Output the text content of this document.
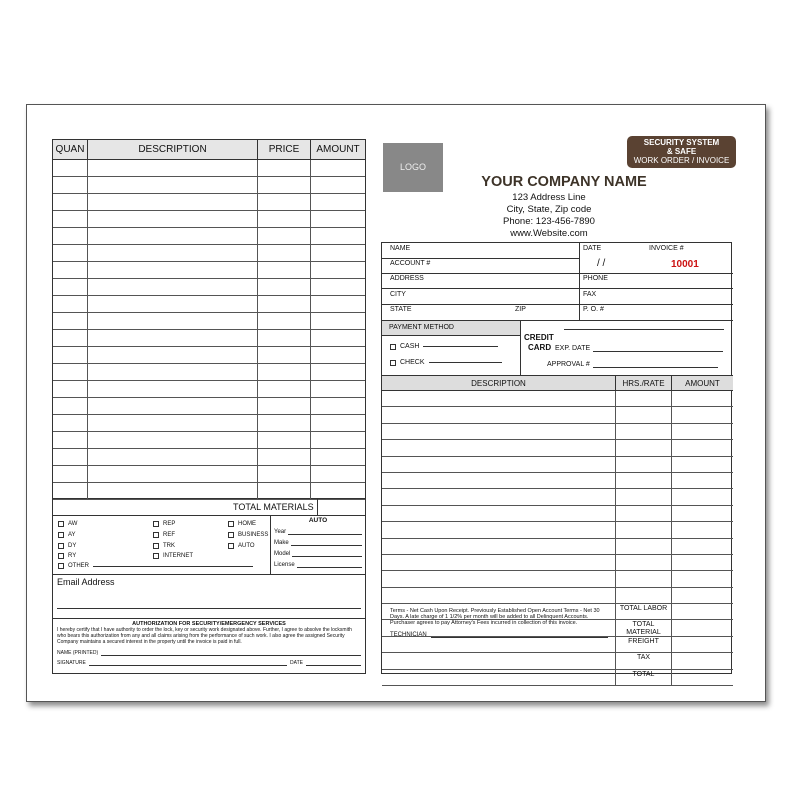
QUAN	DESCRIPTION	PRICE	AMOUNT
TOTAL MATERIALS
AW
AY
DY
RY
OTHER
REP
REF
TRK
INTERNET
HOME
BUSINESS
AUTO
AUTO
Year
Make
Model
License
Email Address
AUTHORIZATION FOR SECURITY/EMERGENCY SERVICES
I hereby certify that I have authority to order the lock, key or security work designated above. Further, I agree to absolve the locksmith who bears this authorization from any and all claims arising from the performance of such work. I also agree the assigned Security Company maintains a secured interest in the property until the invoice is paid in full.
NAME (PRINTED)
SIGNATURE	DATE
LOGO
SECURITY SYSTEM
& SAFE
WORK ORDER / INVOICE
YOUR COMPANY NAME
123 Address Line
City, State, Zip code
Phone: 123-456-7890
www.Website.com
NAME	DATE	INVOICE #
ACCOUNT #	/ /	10001
ADDRESS	PHONE
CITY	FAX
STATE	ZIP	P. O. #
PAYMENT METHOD
CASH
CHECK
CREDIT
CARD EXP. DATE
APPROVAL #
DESCRIPTION	HRS./RATE	AMOUNT
TOTAL LABOR
TOTAL MATERIAL
FREIGHT
TAX
TOTAL
Terms - Net Cash Upon Receipt. Previously Established Open Account Terms - Net 30 Days. A late charge of 1 1/2% per month will be added to all Delinquent Accounts. Purchaser agrees to pay Attorney's Fees incurred in collection of this invoice.
TECHNICIAN
